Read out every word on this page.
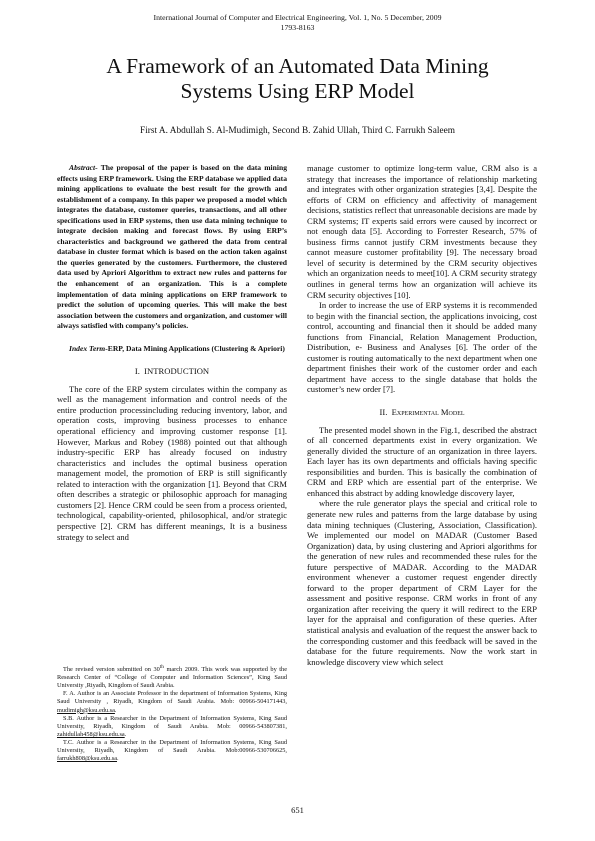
International Journal of Computer and Electrical Engineering, Vol. 1, No. 5 December, 2009
1793-8163
A Framework of an Automated Data Mining
Systems Using ERP Model
First A. Abdullah S. Al-Mudimigh, Second B. Zahid Ullah, Third C. Farrukh Saleem

Abstract- The proposal of the paper is based on the data mining effects using ERP framework. Using the ERP database we applied data mining applications to evaluate the best result for the growth and establishment of a company. In this paper we proposed a model which integrates the database, customer queries, transactions, and all other specifications used in ERP systems, then use data mining technique to integrate decision making and forecast flows. By using ERP’s characteristics and background we gathered the data from central database in cluster format which is based on the action taken against the queries generated by the customers. Furthermore, the clustered data used by Apriori Algorithm to extract new rules and patterns for the enhancement of an organization. This is a complete implementation of data mining applications on ERP framework to predict the solution of upcoming queries. This will make the best association between the customers and organization, and customer will always satisfied with company’s policies.

Index Term-ERP, Data Mining Applications (Clustering & Apriori)

I.  INTRODUCTION

The core of the ERP system circulates within the company as well as the management information and control needs of the entire production processincluding reducing inventory, labor, and operation costs, improving business processes to enhance operational efficiency and improving customer response [1]. However, Markus and Robey (1988) pointed out that although industry-specific ERP has already focused on industry characteristics and includes the optimal business operation management model, the promotion of ERP is still significantly related to interaction with the organization [1]. Beyond that CRM often describes a strategic or philosophic approach for managing customers [2]. Hence CRM could be seen from a process oriented, technological, capability-oriented, philosophical, and/or strategic perspective [2]. CRM has different meanings, It is a business strategy to select and

manage customer to optimize long-term value, CRM also is a strategy that increases the importance of relationship marketing and integrates with other organization strategies [3,4]. Despite the efforts of CRM on efficiency and affectivity of management decisions, statistics reflect that unreasonable decisions are made by CRM systems; IT experts said errors were caused by incorrect or not enough data [5]. According to Forrester Research, 57% of business firms cannot justify CRM investments because they cannot measure customer profitability [9]. The necessary broad level of security is determined by the CRM security objectives which an organization needs to meet[10]. A CRM security strategy outlines in general terms how an organization will achieve its CRM security objectives [10].

In order to increase the use of ERP systems it is recommended to begin with the financial section, the applications invoicing, cost control, accounting and financial then it should be added many functions from Financial, Relation Management Production, Distribution, e- Business and Analyses [6]. The order of the customer is routing automatically to the next department when one department finishes their work of the customer order and each department have access to the single database that holds the customer’s new order [7].

II.  Experimental Model

The presented model shown in the Fig.1, described the abstract of all concerned departments exist in every organization. We generally divided the structure of an organization in three layers. Each layer has its own departments and officials having specific responsibilities and burden. This is basically the combination of CRM and ERP which are essential part of the enterprise. We enhanced this abstract by adding knowledge discovery layer,

where the rule generator plays the special and critical role to generate new rules and patterns from the large database by using data mining techniques (Clustering, Association, Classification). We implemented our model on MADAR (Customer Based Organization) data, by using clustering and Apriori algorithms for the generation of new rules and recommended these rules for the future perspective of MADAR. According to the MADAR environment whenever a customer request engender directly forward to the proper department of CRM Layer for the assessment and positive response. CRM works in front of any organization after receiving the query it will redirect to the ERP layer for the appraisal and configuration of these queries. After statistical analysis and evaluation of the request the answer back to the corresponding customer and this feedback will be saved in the database for the future requirements. Now the work start in knowledge discovery view which select

The revised version submitted on 30th march 2009. This work was supported by the Research Center of “College of Computer and Information Sciences”, King Saud University ,Riyadh, Kingdom of Saudi Arabia.

F. A. Author is an Associate Professor in the department of Information Systems, King Saud University , Riyadh, Kingdom of Saudi Arabia. Mob: 00966-504171443, mudimigh@ksu.edu.sa.

S.B. Author is a Researcher in the Department of Information Systems, King Saud University, Riyadh, Kingdom of Saudi Arabia. Mob: 00966-543807381, zahidullah458@ksu.edu.sa.

T.C. Author is a Researcher in the Department of Information Systems, King Saud University, Riyadh, Kingdom of Saudi Arabia. Mob:00966-530706625, farrukh808@ksu.edu.sa.

651
